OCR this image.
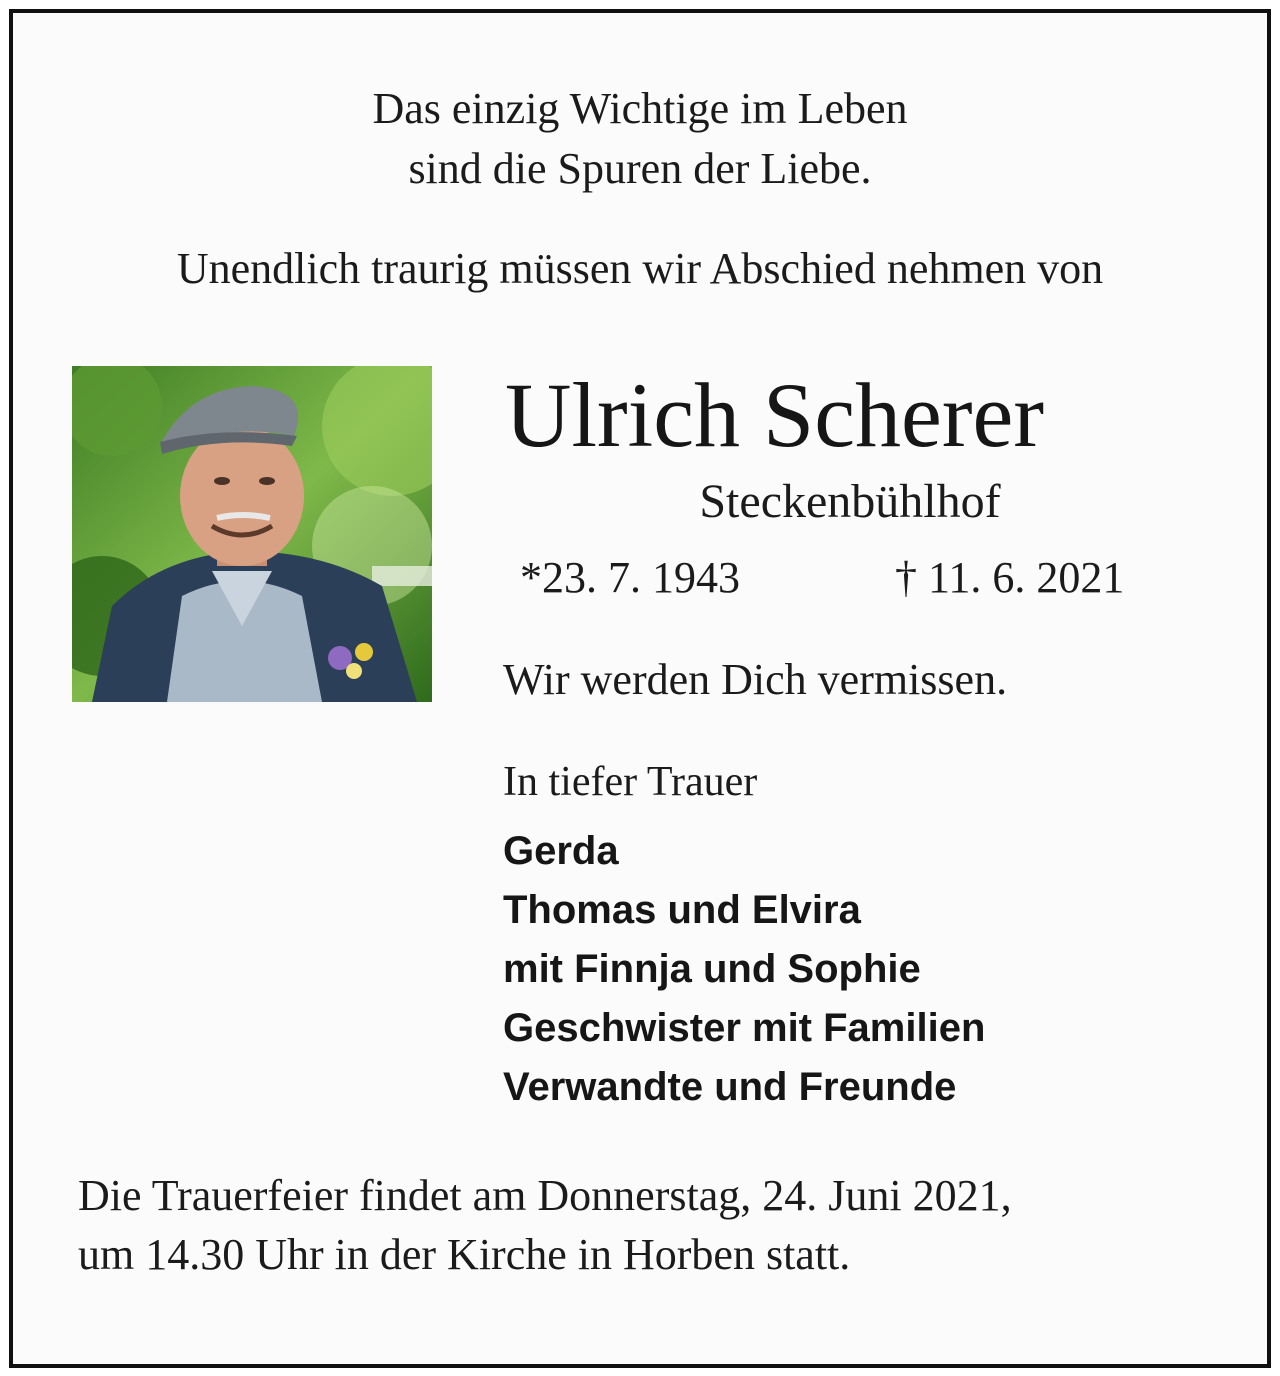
Das einzig Wichtige im Leben
sind die Spuren der Liebe.
Unendlich traurig müssen wir Abschied nehmen von
Ulrich Scherer
Steckenbühlhof
*23. 7. 1943	† 11. 6. 2021
Wir werden Dich vermissen.
In tiefer Trauer
Gerda
Thomas und Elvira
mit Finnja und Sophie
Geschwister mit Familien
Verwandte und Freunde
Die Trauerfeier findet am Donnerstag, 24. Juni 2021,
um 14.30 Uhr in der Kirche in Horben statt.
